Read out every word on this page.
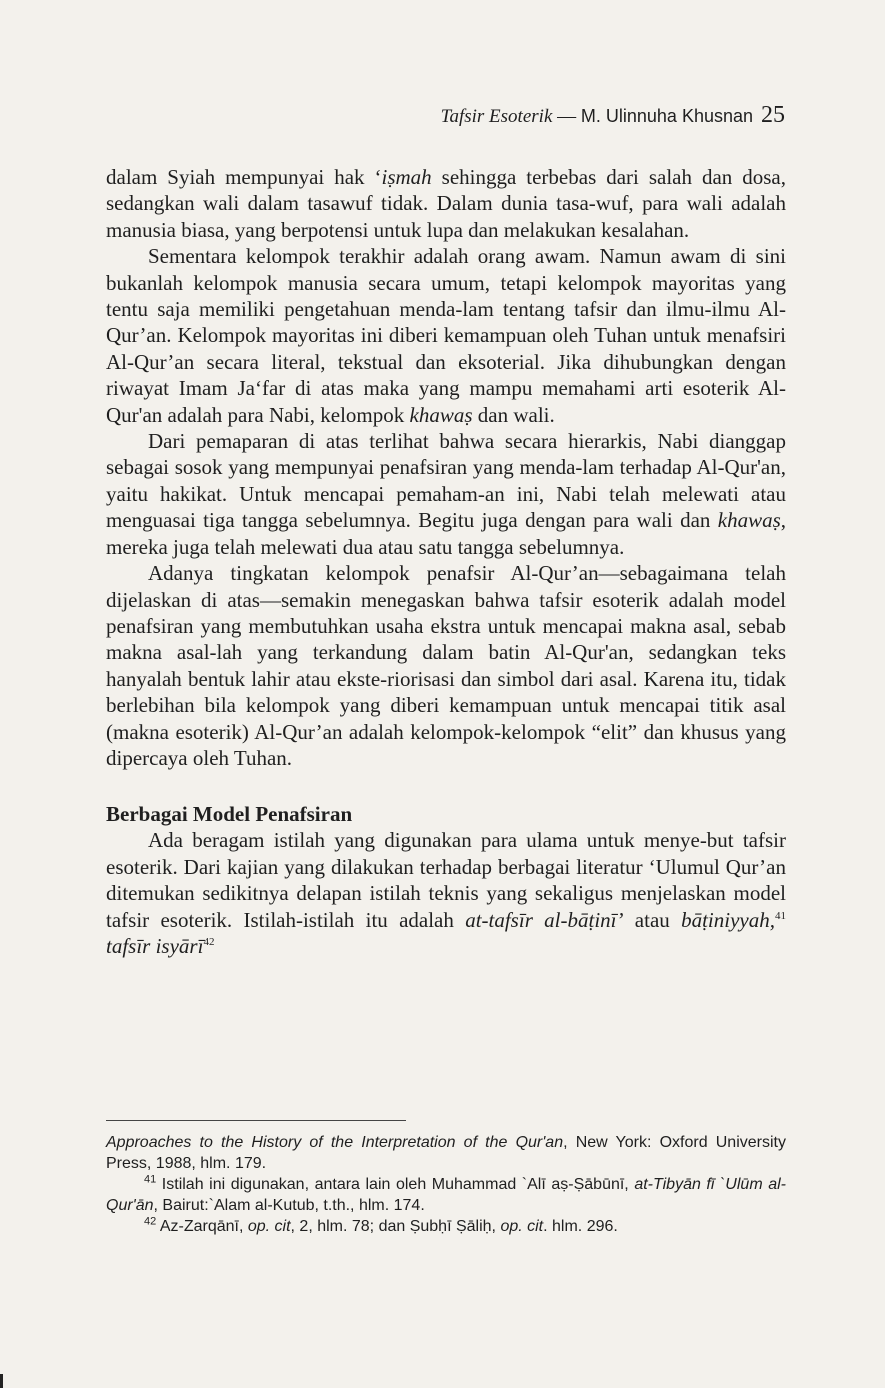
Tafsir Esoterik — M. Ulinnuha Khusnan 25

dalam Syiah mempunyai hak ‘iṣmah sehingga terbebas dari salah dan dosa, sedangkan wali dalam tasawuf tidak. Dalam dunia tasa-wuf, para wali adalah manusia biasa, yang berpotensi untuk lupa dan melakukan kesalahan.

Sementara kelompok terakhir adalah orang awam. Namun awam di sini bukanlah kelompok manusia secara umum, tetapi kelompok mayoritas yang tentu saja memiliki pengetahuan menda-lam tentang tafsir dan ilmu-ilmu Al-Qur’an. Kelompok mayoritas ini diberi kemampuan oleh Tuhan untuk menafsiri Al-Qur’an secara literal, tekstual dan eksoterial. Jika dihubungkan dengan riwayat Imam Ja‘far di atas maka yang mampu memahami arti esoterik Al-Qur'an adalah para Nabi, kelompok khawaṣ dan wali.

Dari pemaparan di atas terlihat bahwa secara hierarkis, Nabi dianggap sebagai sosok yang mempunyai penafsiran yang menda-lam terhadap Al-Qur'an, yaitu hakikat. Untuk mencapai pemaham-an ini, Nabi telah melewati atau menguasai tiga tangga sebelumnya. Begitu juga dengan para wali dan khawaṣ, mereka juga telah melewati dua atau satu tangga sebelumnya.

Adanya tingkatan kelompok penafsir Al-Qur’an—sebagaimana telah dijelaskan di atas—semakin menegaskan bahwa tafsir esoterik adalah model penafsiran yang membutuhkan usaha ekstra untuk mencapai makna asal, sebab makna asal-lah yang terkandung dalam batin Al-Qur'an, sedangkan teks hanyalah bentuk lahir atau ekste-riorisasi dan simbol dari asal. Karena itu, tidak berlebihan bila kelompok yang diberi kemampuan untuk mencapai titik asal (makna esoterik) Al-Qur’an adalah kelompok-kelompok “elit” dan khusus yang dipercaya oleh Tuhan.

Berbagai Model Penafsiran

Ada beragam istilah yang digunakan para ulama untuk menye-but tafsir esoterik. Dari kajian yang dilakukan terhadap berbagai literatur ‘Ulumul Qur’an ditemukan sedikitnya delapan istilah teknis yang sekaligus menjelaskan model tafsir esoterik. Istilah-istilah itu adalah at-tafsīr al-bāṭinī’ atau bāṭiniyyah,$^{41}$ tafsīr isyārī$^{42}$

Approaches to the History of the Interpretation of the Qur'an, New York: Oxford University Press, 1988, hlm. 179.

$^{41}$ Istilah ini digunakan, antara lain oleh Muhammad `Alī aṣ-Ṣābūnī, at-Tibyān fī `Ulūm al-Qur'ān, Bairut:`Alam al-Kutub, t.th., hlm. 174.

$^{42}$ Az-Zarqānī, op. cit, 2, hlm. 78; dan Ṣubḥī Ṣāliḥ, op. cit. hlm. 296.
